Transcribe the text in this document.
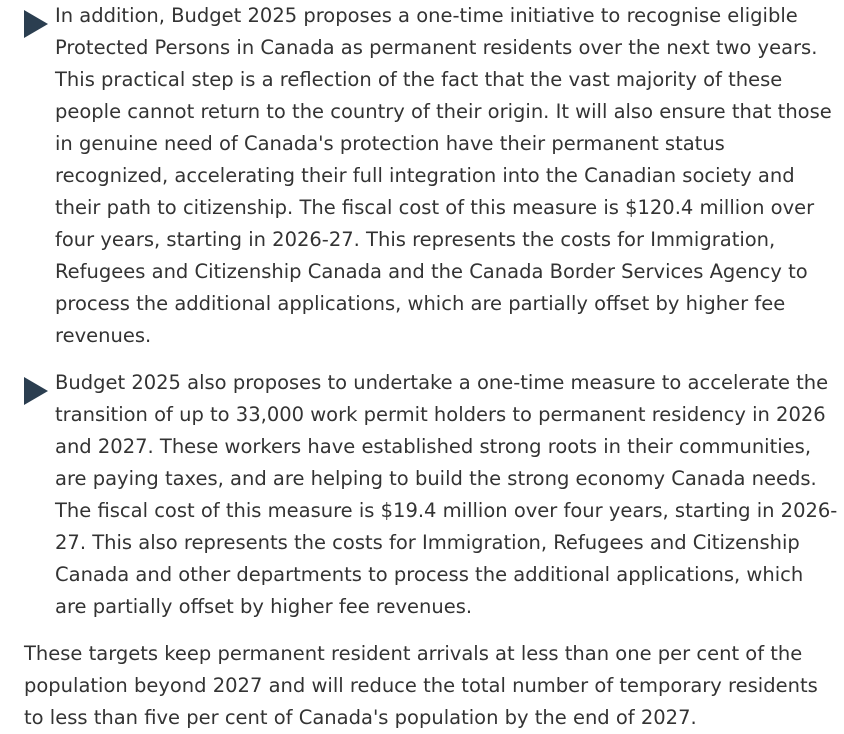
In addition, Budget 2025 proposes a one-time initiative to recognise eligible Protected Persons in Canada as permanent residents over the next two years. This practical step is a reflection of the fact that the vast majority of these people cannot return to the country of their origin. It will also ensure that those in genuine need of Canada's protection have their permanent status recognized, accelerating their full integration into the Canadian society and their path to citizenship. The fiscal cost of this measure is $120.4 million over four years, starting in 2026-27. This represents the costs for Immigration, Refugees and Citizenship Canada and the Canada Border Services Agency to process the additional applications, which are partially offset by higher fee revenues.
Budget 2025 also proposes to undertake a one-time measure to accelerate the transition of up to 33,000 work permit holders to permanent residency in 2026 and 2027. These workers have established strong roots in their communities, are paying taxes, and are helping to build the strong economy Canada needs. The fiscal cost of this measure is $19.4 million over four years, starting in 2026-27. This also represents the costs for Immigration, Refugees and Citizenship Canada and other departments to process the additional applications, which are partially offset by higher fee revenues.

These targets keep permanent resident arrivals at less than one per cent of the population beyond 2027 and will reduce the total number of temporary residents to less than five per cent of Canada's population by the end of 2027.
